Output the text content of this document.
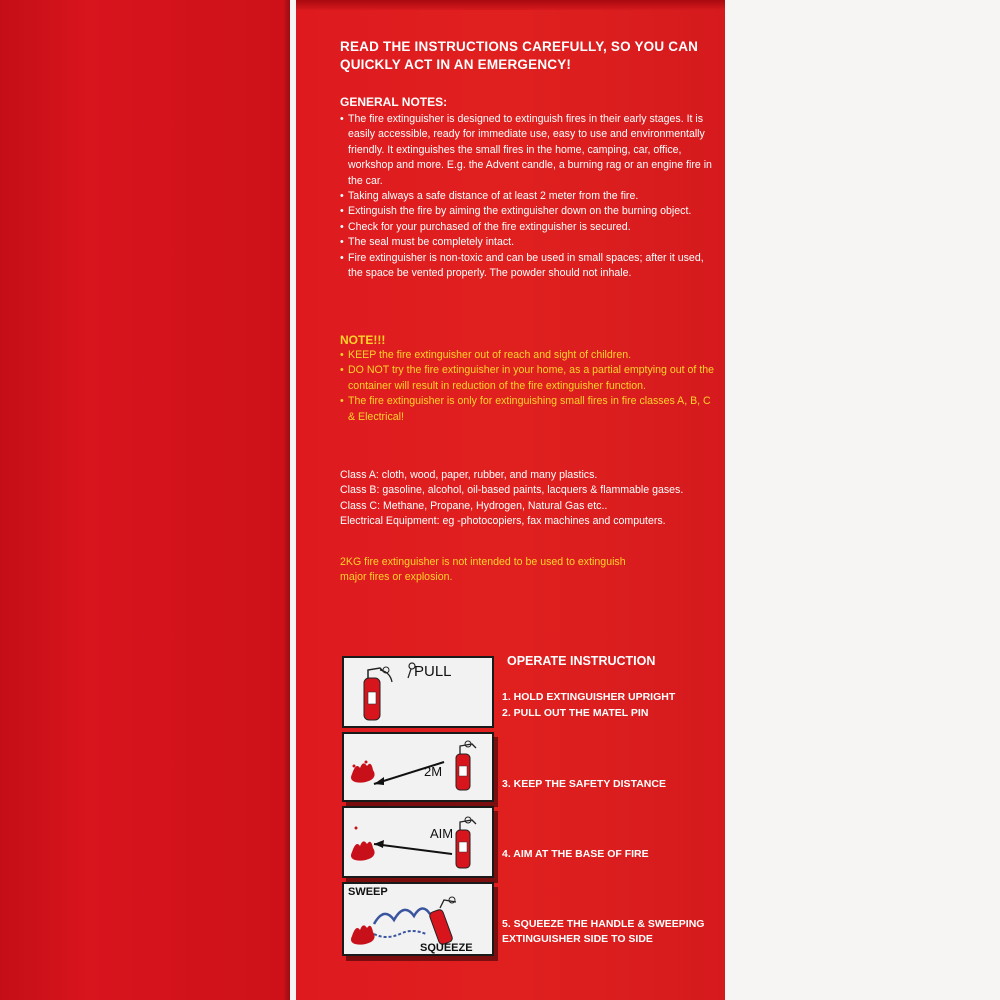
READ THE INSTRUCTIONS CAREFULLY, SO YOU CAN
QUICKLY ACT IN AN EMERGENCY!
GENERAL NOTES:

• The fire extinguisher is designed to extinguish fires in their early stages. It is easily accessible, ready for immediate use, easy to use and environmentally friendly. It extinguishes the small fires in the home, camping, car, office, workshop and more. E.g. the Advent candle, a burning rag or an engine fire in the car.

• Taking always a safe distance of at least 2 meter from the fire.

• Extinguish the fire by aiming the extinguisher down on the burning object.

• Check for your purchased of the fire extinguisher is secured.

• The seal must be completely intact.

• Fire extinguisher is non-toxic and can be used in small spaces; after it used, the space be vented properly. The powder should not inhale.

NOTE!!!

• KEEP the fire extinguisher out of reach and sight of children.

• DO NOT try the fire extinguisher in your home, as a partial emptying out of the container will result in reduction of the fire extinguisher function.

• The fire extinguisher is only for extinguishing small fires in fire classes A, B, C & Electrical!

Class A: cloth, wood, paper, rubber, and many plastics.

Class B: gasoline, alcohol, oil-based paints, lacquers & flammable gases.

Class C: Methane, Propane, Hydrogen, Natural Gas etc..

Electrical Equipment: eg -photocopiers, fax machines and computers.

2KG fire extinguisher is not intended to be used to extinguish major fires or explosion.
OPERATE INSTRUCTION
PULL
2M
AIM
SWEEP
SQUEEZE
1. HOLD EXTINGUISHER UPRIGHT
2. PULL OUT THE MATEL PIN
3. KEEP THE SAFETY DISTANCE
4. AIM AT THE BASE OF FIRE
5. SQUEEZE THE HANDLE & SWEEPING
EXTINGUISHER SIDE TO SIDE
